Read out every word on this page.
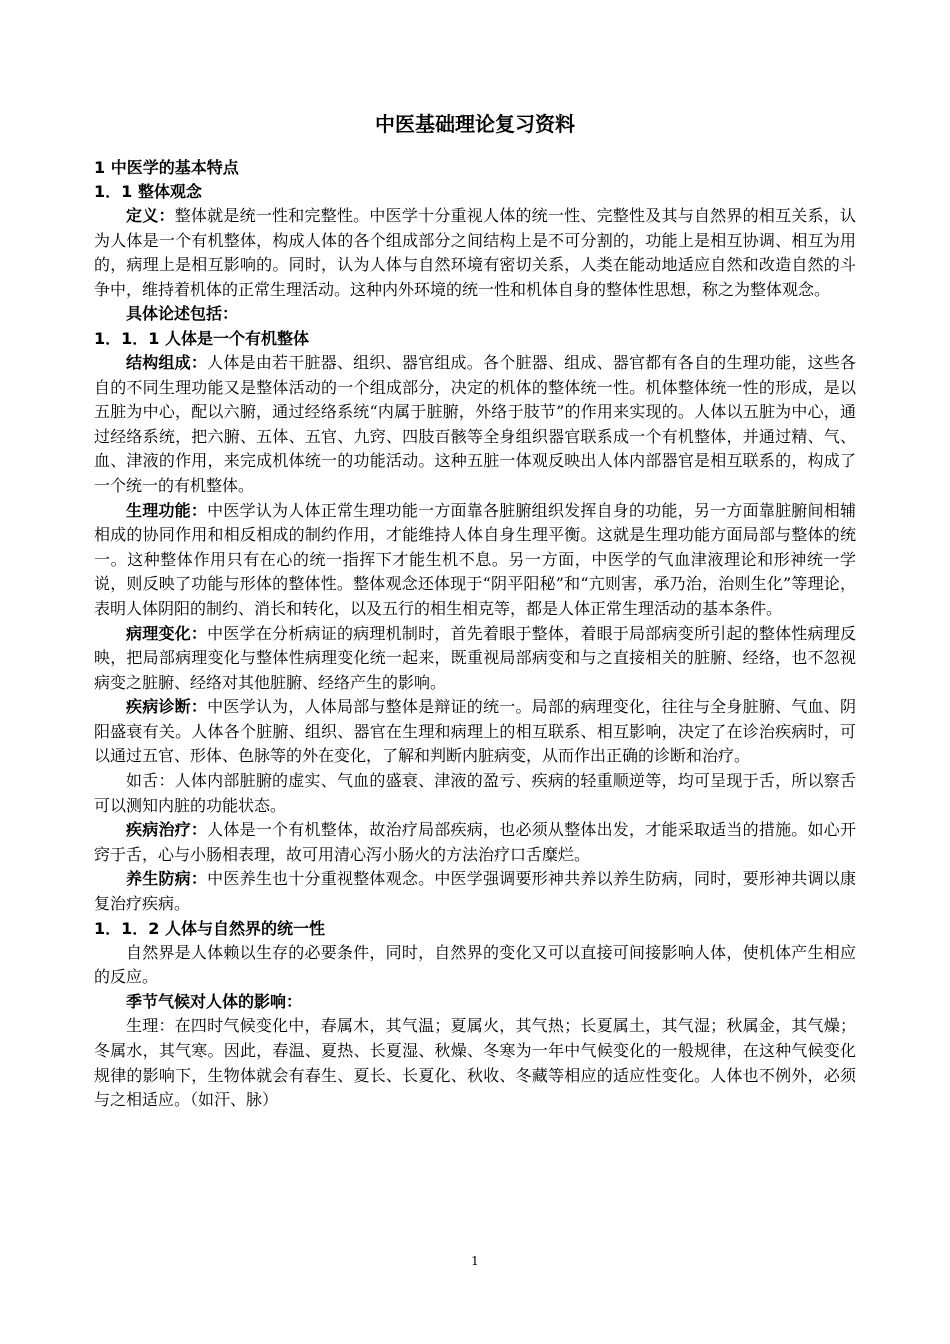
中医基础理论复习资料
1 中医学的基本特点
1．1 整体观念

定义：整体就是统一性和完整性。中医学十分重视人体的统一性、完整性及其与自然界的相互关系，认为人体是一个有机整体，构成人体的各个组成部分之间结构上是不可分割的，功能上是相互协调、相互为用的，病理上是相互影响的。同时，认为人体与自然环境有密切关系，人类在能动地适应自然和改造自然的斗争中，维持着机体的正常生理活动。这种内外环境的统一性和机体自身的整体性思想，称之为整体观念。

具体论述包括：

1．1．1 人体是一个有机整体

结构组成：人体是由若干脏器、组织、器官组成。各个脏器、组成、器官都有各自的生理功能，这些各自的不同生理功能又是整体活动的一个组成部分，决定的机体的整体统一性。机体整体统一性的形成，是以五脏为中心，配以六腑，通过经络系统“内属于脏腑，外络于肢节”的作用来实现的。人体以五脏为中心，通过经络系统，把六腑、五体、五官、九窍、四肢百骸等全身组织器官联系成一个有机整体，并通过精、气、血、津液的作用，来完成机体统一的功能活动。这种五脏一体观反映出人体内部器官是相互联系的，构成了一个统一的有机整体。

生理功能：中医学认为人体正常生理功能一方面靠各脏腑组织发挥自身的功能，另一方面靠脏腑间相辅相成的协同作用和相反相成的制约作用，才能维持人体自身生理平衡。这就是生理功能方面局部与整体的统一。这种整体作用只有在心的统一指挥下才能生机不息。另一方面，中医学的气血津液理论和形神统一学说，则反映了功能与形体的整体性。整体观念还体现于“阴平阳秘”和“亢则害，承乃治，治则生化”等理论，表明人体阴阳的制约、消长和转化，以及五行的相生相克等，都是人体正常生理活动的基本条件。

病理变化：中医学在分析病证的病理机制时，首先着眼于整体，着眼于局部病变所引起的整体性病理反映，把局部病理变化与整体性病理变化统一起来，既重视局部病变和与之直接相关的脏腑、经络，也不忽视病变之脏腑、经络对其他脏腑、经络产生的影响。

疾病诊断：中医学认为，人体局部与整体是辩证的统一。局部的病理变化，往往与全身脏腑、气血、阴阳盛衰有关。人体各个脏腑、组织、器官在生理和病理上的相互联系、相互影响，决定了在诊治疾病时，可以通过五官、形体、色脉等的外在变化，了解和判断内脏病变，从而作出正确的诊断和治疗。

如舌：人体内部脏腑的虚实、气血的盛衰、津液的盈亏、疾病的轻重顺逆等，均可呈现于舌，所以察舌可以测知内脏的功能状态。

疾病治疗：人体是一个有机整体，故治疗局部疾病，也必须从整体出发，才能采取适当的措施。如心开窍于舌，心与小肠相表理，故可用清心泻小肠火的方法治疗口舌糜烂。

养生防病：中医养生也十分重视整体观念。中医学强调要形神共养以养生防病，同时，要形神共调以康复治疗疾病。

1．1．2 人体与自然界的统一性

自然界是人体赖以生存的必要条件，同时，自然界的变化又可以直接可间接影响人体，使机体产生相应的反应。

季节气候对人体的影响：

生理：在四时气候变化中，春属木，其气温；夏属火，其气热；长夏属土，其气湿；秋属金，其气燥；冬属水，其气寒。因此，春温、夏热、长夏湿、秋燥、冬寒为一年中气候变化的一般规律，在这种气候变化规律的影响下，生物体就会有春生、夏长、长夏化、秋收、冬藏等相应的适应性变化。人体也不例外，必须与之相适应。（如汗、脉）

1
